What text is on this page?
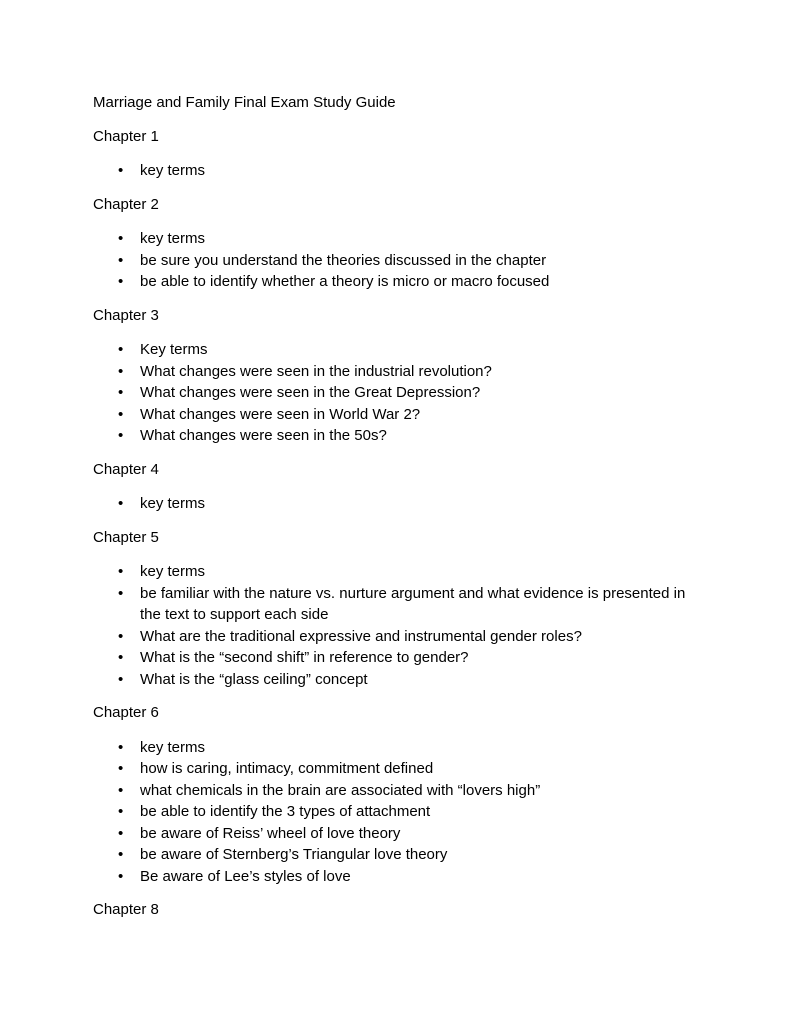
Marriage and Family Final Exam Study Guide

Chapter 1

• key terms

Chapter 2

• key terms
• be sure you understand the theories discussed in the chapter
• be able to identify whether a theory is micro or macro focused

Chapter 3

• Key terms
• What changes were seen in the industrial revolution?
• What changes were seen in the Great Depression?
• What changes were seen in World War 2?
• What changes were seen in the 50s?

Chapter 4

• key terms

Chapter 5

• key terms
• be familiar with the nature vs. nurture argument and what evidence is presented in the text to support each side
• What are the traditional expressive and instrumental gender roles?
• What is the “second shift” in reference to gender?
• What is the “glass ceiling” concept

Chapter 6

• key terms
• how is caring, intimacy, commitment defined
• what chemicals in the brain are associated with “lovers high”
• be able to identify the 3 types of attachment
• be aware of Reiss’ wheel of love theory
• be aware of Sternberg’s Triangular love theory
• Be aware of Lee’s styles of love

Chapter 8
